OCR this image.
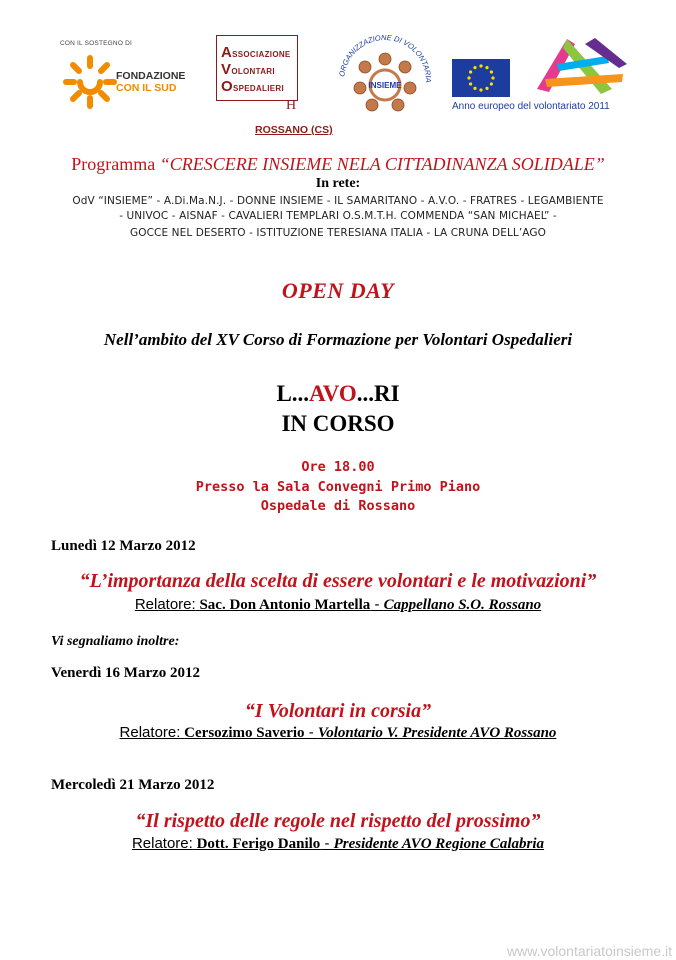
CON IL SOSTEGNO DI
FONDAZIONE
CON IL SUD
ASSOCIAZIONE
VOLONTARI
OSPEDALIERI
H
ORGANIZZAZIONE DI VOLONTARIA
INSIEME
Anno europeo del volontariato 2011
ROSSANO (CS)
Programma “CRESCERE INSIEME NELA CITTADINANZA SOLIDALE”
In rete:
OdV “INSIEME” - A.Di.Ma.N.J. - DONNE INSIEME - IL SAMARITANO - A.V.O. - FRATRES - LEGAMBIENTE
- UNIVOC - AISNAF - CAVALIERI TEMPLARI O.S.M.T.H. COMMENDA “SAN MICHAEL” -
GOCCE NEL DESERTO - ISTITUZIONE TERESIANA ITALIA - LA CRUNA DELL’AGO
OPEN DAY
Nell’ambito del XV Corso di Formazione per Volontari Ospedalieri
L...AVO...RI
IN CORSO
Ore 18.00
Presso la Sala Convegni Primo Piano
Ospedale di Rossano
Lunedì 12 Marzo 2012
“L’importanza della scelta di essere volontari e le motivazioni”
Relatore: Sac. Don Antonio Martella - Cappellano S.O. Rossano
Vi segnaliamo inoltre:
Venerdì 16 Marzo 2012
“I Volontari in corsia”
Relatore: Cersozimo Saverio - Volontario V. Presidente AVO Rossano
Mercoledì 21 Marzo 2012
“Il rispetto delle regole nel rispetto del prossimo”
Relatore: Dott. Ferigo Danilo - Presidente AVO Regione Calabria
www.volontariatoinsieme.it
